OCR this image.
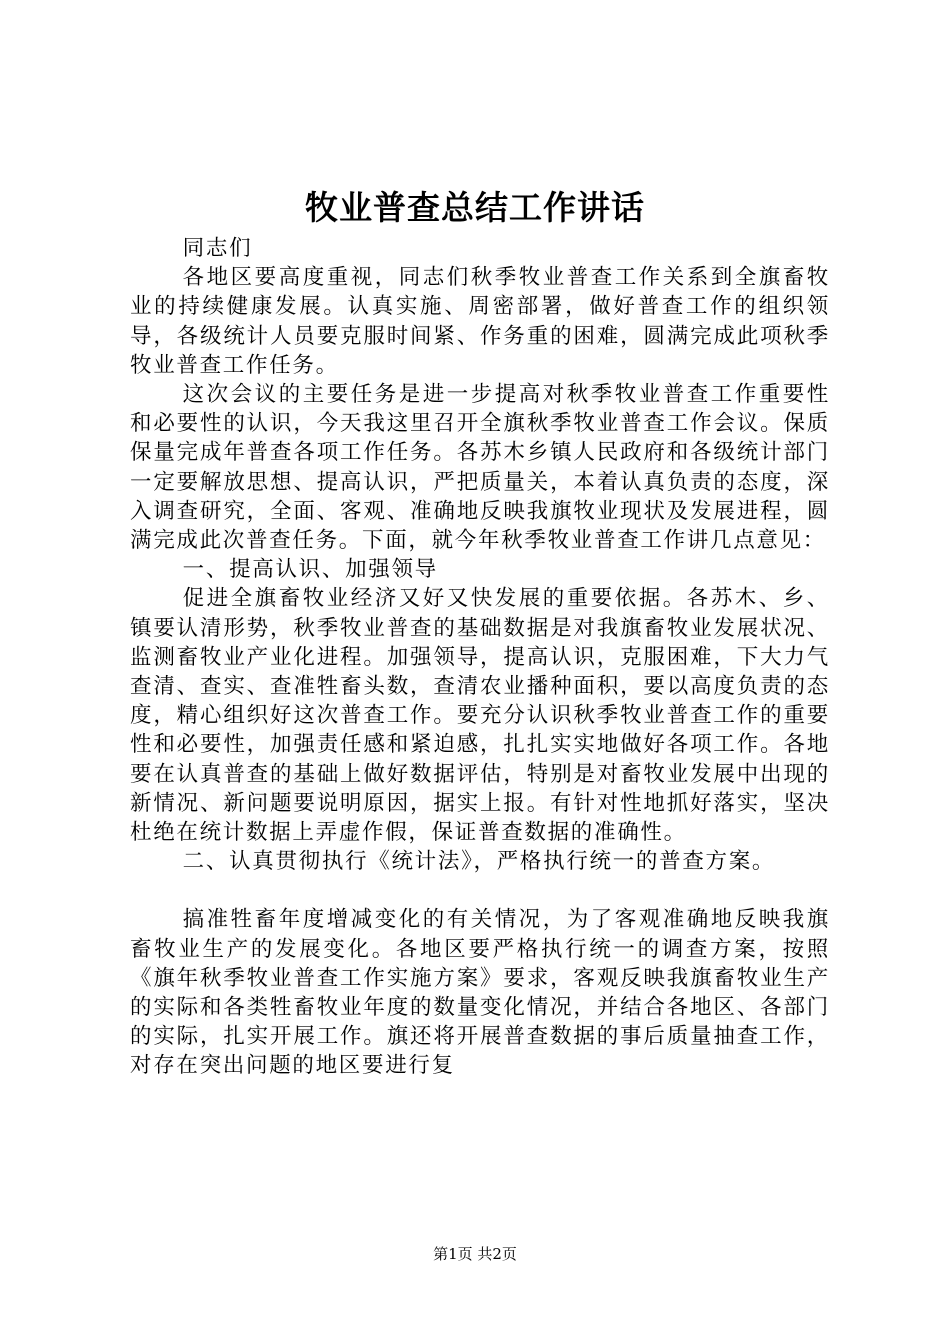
牧业普查总结工作讲话

同志们

各地区要高度重视，同志们秋季牧业普查工作关系到全旗畜牧业的持续健康发展。认真实施、周密部署，做好普查工作的组织领导，各级统计人员要克服时间紧、作务重的困难，圆满完成此项秋季牧业普查工作任务。

这次会议的主要任务是进一步提高对秋季牧业普查工作重要性和必要性的认识，今天我这里召开全旗秋季牧业普查工作会议。保质保量完成年普查各项工作任务。各苏木乡镇人民政府和各级统计部门一定要解放思想、提高认识，严把质量关，本着认真负责的态度，深入调查研究，全面、客观、准确地反映我旗牧业现状及发展进程，圆满完成此次普查任务。下面，就今年秋季牧业普查工作讲几点意见：

一、提高认识、加强领导

促进全旗畜牧业经济又好又快发展的重要依据。各苏木、乡、镇要认清形势，秋季牧业普查的基础数据是对我旗畜牧业发展状况、监测畜牧业产业化进程。加强领导，提高认识，克服困难，下大力气查清、查实、查准牲畜头数，查清农业播种面积，要以高度负责的态度，精心组织好这次普查工作。要充分认识秋季牧业普查工作的重要性和必要性，加强责任感和紧迫感，扎扎实实地做好各项工作。各地要在认真普查的基础上做好数据评估，特别是对畜牧业发展中出现的新情况、新问题要说明原因，据实上报。有针对性地抓好落实，坚决杜绝在统计数据上弄虚作假，保证普查数据的准确性。

二、认真贯彻执行《统计法》，严格执行统一的普查方案。

搞准牲畜年度增减变化的有关情况，为了客观准确地反映我旗畜牧业生产的发展变化。各地区要严格执行统一的调查方案，按照《旗年秋季牧业普查工作实施方案》要求，客观反映我旗畜牧业生产的实际和各类牲畜牧业年度的数量变化情况，并结合各地区、各部门的实际，扎实开展工作。旗还将开展普查数据的事后质量抽查工作，对存在突出问题的地区要进行复

第1页 共2页
